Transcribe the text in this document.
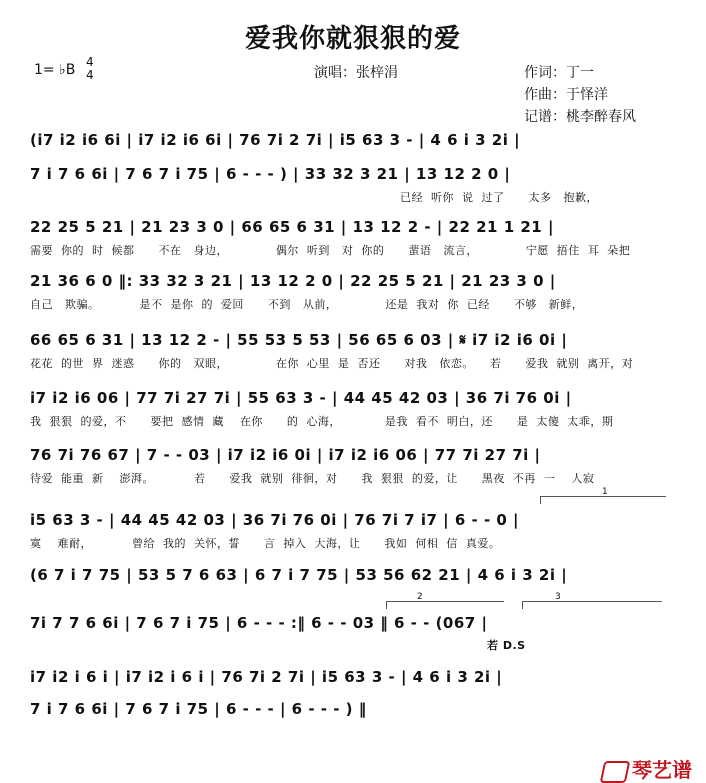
爱我你就狠狠的爱
1= ♭B 4
4	演唱：张梓涓	作词：丁一
作曲：于怿洋
记谱：桃李醉春风
(i7 i2 i6 6i | i7 i2 i6 6i | 76 7i 2 7i | i5 63 3 - | 4 6 i 3 2i |
7 i 7 6 6i | 7 6 7 i 75 | 6 - - - ) | 33 32 3 21 | 13 12 2 0 |
已经  听你  说  过了      太多   抱歉，
22 25 5 21 | 21 23 3 0 | 66 65 6 31 | 13 12 2 - | 22 21 1 21 |
需要  你的  时  候都      不在   身边，            偶尔  听到   对  你的      蜚语   流言，            宁愿  捂住  耳  朵把
21 36 6 0 ‖: 33 32 3 21 | 13 12 2 0 | 22 25 5 21 | 21 23 3 0 |
自己   欺骗。          是不  是你  的  爱回      不到   从前，            还是  我对  你  已经      不够   新鲜，
66 65 6 31 | 13 12 2 - | 55 53 5 53 | 56 65 6 03 | 𝄋 i7 i2 i6 0i |
花花  的世  界  迷惑      你的   双眼，            在你  心里  是  否还      对我   依恋。    若      爱我  就别  离开，对
i7 i2 i6 06 | 77 7i 27 7i | 55 63 3 - | 44 45 42 03 | 36 7i 76 0i |
我  狠狠  的爱，不      要把  感情  藏    在你      的  心海，           是我  看不  明白，还      是  太傻  太乖，期
76 7i 76 67 | 7 - - 03 | i7 i2 i6 0i | i7 i2 i6 06 | 77 7i 27 7i |
待爱  能重  新    澎湃。          若      爱我  就别  徘徊，对      我  狠狠  的爱，让      黑夜  不再  一    人寂
1
i5 63 3 - | 44 45 42 03 | 36 7i 76 0i | 76 7i 7 i7 | 6 - - 0 |
寞    难耐，          曾给  我的  关怀，誓      言  掉入  大海，让      我如  何相  信  真爱。
(6 7 i 7 75 | 53 5 7 6 63 | 6 7 i 7 75 | 53 56 62 21 | 4 6 i 3 2i |
2	3
7i 7 7 6 6i | 7 6 7 i 75 | 6 - - - :‖ 6 - - 03 ‖ 6 - - (067 |
若 D.S
i7 i2 i 6 i | i7 i2 i 6 i | 76 7i 2 7i | i5 63 3 - | 4 6 i 3 2i |
7 i 7 6 6i | 7 6 7 i 75 | 6 - - - | 6 - - - ) ‖

琴艺谱
